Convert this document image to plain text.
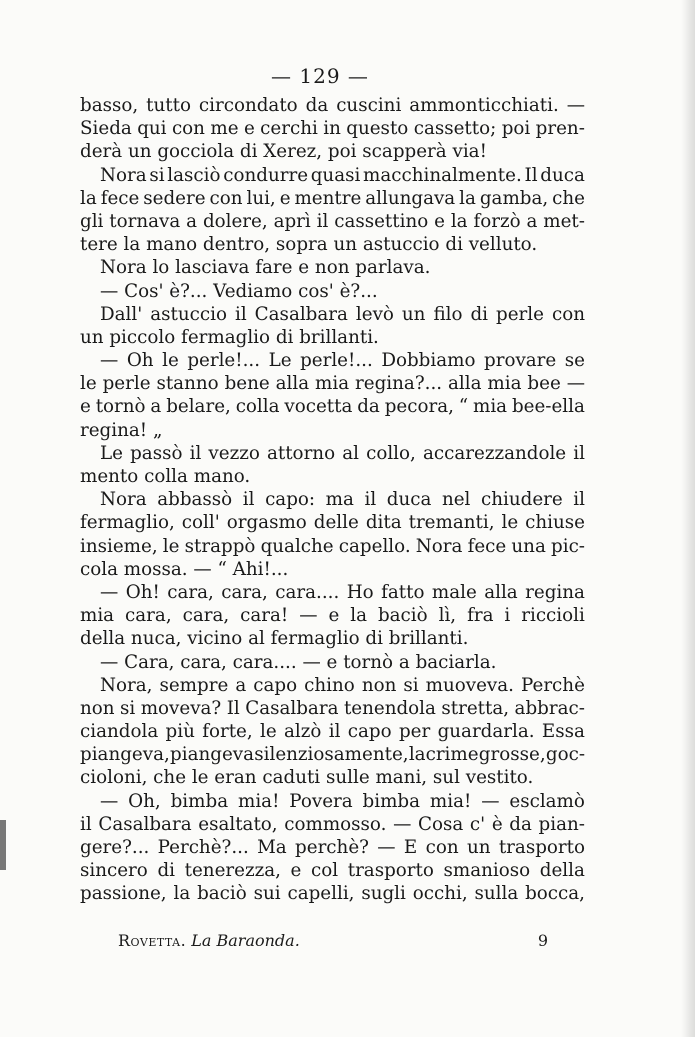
— 129 —
basso, tutto circondato da cuscini ammonticchiati. —
Sieda qui con me e cerchi in questo cassetto; poi pren-
derà un gocciola di Xerez, poi scapperà via!
Nora si lasciò condurre quasi macchinalmente. Il duca
la fece sedere con lui, e mentre allungava la gamba, che
gli tornava a dolere, aprì il cassettino e la forzò a met-
tere la mano dentro, sopra un astuccio di velluto.
Nora lo lasciava fare e non parlava.
— Cos' è?... Vediamo cos' è?...
Dall' astuccio il Casalbara levò un filo di perle con
un piccolo fermaglio di brillanti.
— Oh le perle!... Le perle!... Dobbiamo provare se
le perle stanno bene alla mia regina?... alla mia bee —
e tornò a belare, colla vocetta da pecora, “ mia bee-ella
regina! „
Le passò il vezzo attorno al collo, accarezzandole il
mento colla mano.
Nora abbassò il capo: ma il duca nel chiudere il
fermaglio, coll' orgasmo delle dita tremanti, le chiuse
insieme, le strappò qualche capello. Nora fece una pic-
cola mossa. — “ Ahi!...
— Oh! cara, cara, cara.... Ho fatto male alla regina
mia cara, cara, cara! — e la baciò lì, fra i riccioli
della nuca, vicino al fermaglio di brillanti.
— Cara, cara, cara.... — e tornò a baciarla.
Nora, sempre a capo chino non si muoveva. Perchè
non si moveva? Il Casalbara tenendola stretta, abbrac-
ciandola più forte, le alzò il capo per guardarla. Essa
piangeva, piangeva silenziosamente, lacrime grosse, goc-
cioloni, che le eran caduti sulle mani, sul vestito.
— Oh, bimba mia! Povera bimba mia! — esclamò
il Casalbara esaltato, commosso. — Cosa c' è da pian-
gere?... Perchè?... Ma perchè? — E con un trasporto
sincero di tenerezza, e col trasporto smanioso della
passione, la baciò sui capelli, sugli occhi, sulla bocca,
Rovetta. La Baraonda.	9
